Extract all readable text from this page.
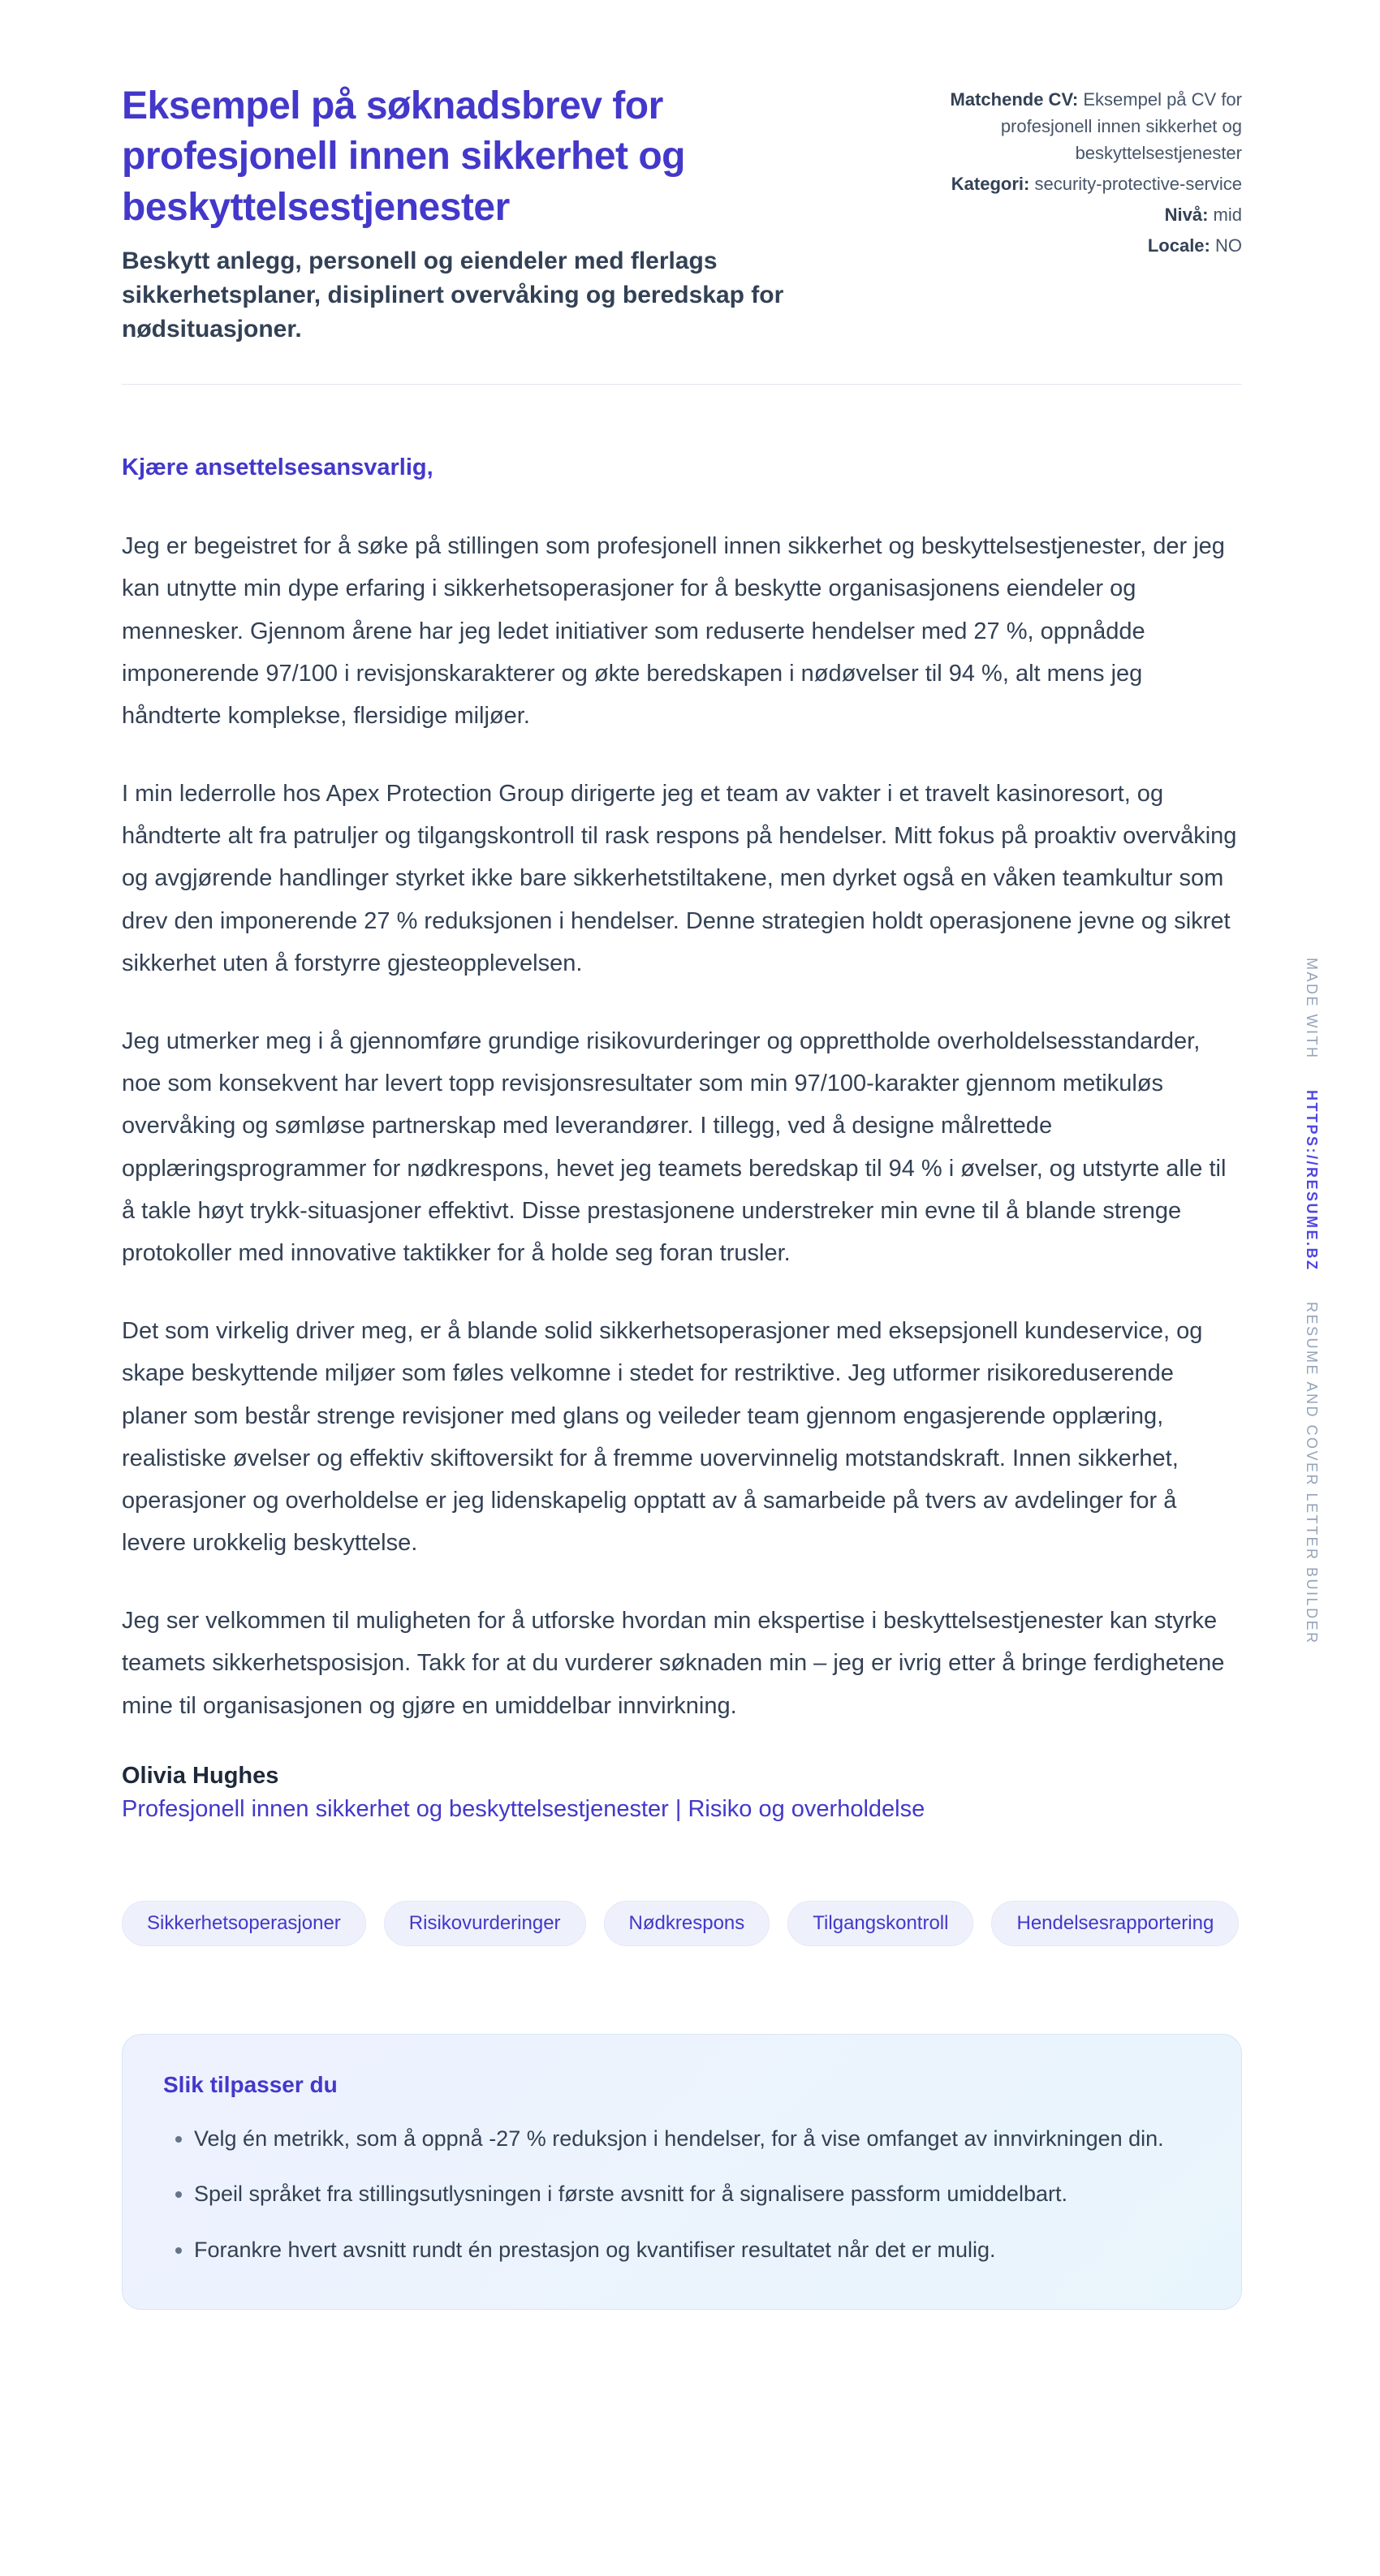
MADE WITH HTTPS://RESUME.BZ RESUME AND COVER LETTER BUILDER
Eksempel på søknadsbrev for profesjonell innen sikkerhet og beskyttelsestjenester

Beskytt anlegg, personell og eiendeler med flerlags sikkerhetsplaner, disiplinert overvåking og beredskap for nødsituasjoner.

Matchende CV: Eksempel på CV for profesjonell innen sikkerhet og beskyttelsestjenester
Kategori: security-protective-service
Nivå: mid
Locale: NO

Kjære ansettelsesansvarlig,

Jeg er begeistret for å søke på stillingen som profesjonell innen sikkerhet og beskyttelsestjenester, der jeg kan utnytte min dype erfaring i sikkerhetsoperasjoner for å beskytte organisasjonens eiendeler og mennesker. Gjennom årene har jeg ledet initiativer som reduserte hendelser med 27 %, oppnådde imponerende 97/100 i revisjonskarakterer og økte beredskapen i nødøvelser til 94 %, alt mens jeg håndterte komplekse, flersidige miljøer.

I min lederrolle hos Apex Protection Group dirigerte jeg et team av vakter i et travelt kasinoresort, og håndterte alt fra patruljer og tilgangskontroll til rask respons på hendelser. Mitt fokus på proaktiv overvåking og avgjørende handlinger styrket ikke bare sikkerhetstiltakene, men dyrket også en våken teamkultur som drev den imponerende 27 % reduksjonen i hendelser. Denne strategien holdt operasjonene jevne og sikret sikkerhet uten å forstyrre gjesteopplevelsen.

Jeg utmerker meg i å gjennomføre grundige risikovurderinger og opprettholde overholdelsesstandarder, noe som konsekvent har levert topp revisjonsresultater som min 97/100-karakter gjennom metikuløs overvåking og sømløse partnerskap med leverandører. I tillegg, ved å designe målrettede opplæringsprogrammer for nødkrespons, hevet jeg teamets beredskap til 94 % i øvelser, og utstyrte alle til å takle høyt trykk-situasjoner effektivt. Disse prestasjonene understreker min evne til å blande strenge protokoller med innovative taktikker for å holde seg foran trusler.

Det som virkelig driver meg, er å blande solid sikkerhetsoperasjoner med eksepsjonell kundeservice, og skape beskyttende miljøer som føles velkomne i stedet for restriktive. Jeg utformer risikoreduserende planer som består strenge revisjoner med glans og veileder team gjennom engasjerende opplæring, realistiske øvelser og effektiv skiftoversikt for å fremme uovervinnelig motstandskraft. Innen sikkerhet, operasjoner og overholdelse er jeg lidenskapelig opptatt av å samarbeide på tvers av avdelinger for å levere urokkelig beskyttelse.

Jeg ser velkommen til muligheten for å utforske hvordan min ekspertise i beskyttelsestjenester kan styrke teamets sikkerhetsposisjon. Takk for at du vurderer søknaden min – jeg er ivrig etter å bringe ferdighetene mine til organisasjonen og gjøre en umiddelbar innvirkning.

Olivia Hughes

Profesjonell innen sikkerhet og beskyttelsestjenester | Risiko og overholdelse

Sikkerhetsoperasjoner	Risikovurderinger	Nødkrespons	Tilgangskontroll	Hendelsesrapportering
Slik tilpasser du
• Velg én metrikk, som å oppnå -27 % reduksjon i hendelser, for å vise omfanget av innvirkningen din.
• Speil språket fra stillingsutlysningen i første avsnitt for å signalisere passform umiddelbart.
• Forankre hvert avsnitt rundt én prestasjon og kvantifiser resultatet når det er mulig.
